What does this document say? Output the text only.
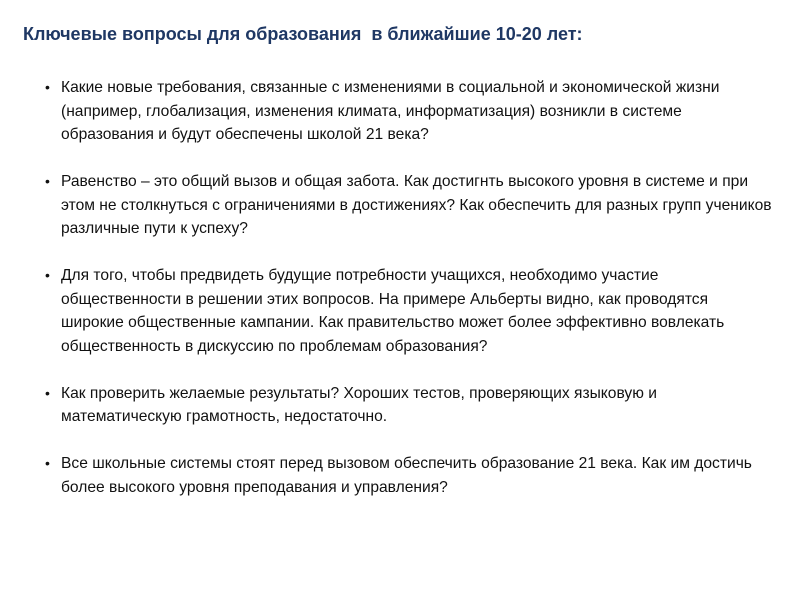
Ключевые вопросы для образования  в ближайшие 10-20 лет:
• Какие новые требования, связанные с изменениями в социальной и экономической жизни (например, глобализация, изменения климата, информатизация) возникли в системе образования и будут обеспечены школой 21 века?
• Равенство – это общий вызов и общая забота. Как достигнть высокого уровня в системе и при этом не столкнуться с ограничениями в достижениях? Как обеспечить для разных групп учеников различные пути к успеху?
• Для того, чтобы предвидеть будущие потребности учащихся, необходимо участие общественности в решении этих вопросов. На примере Альберты видно, как проводятся широкие общественные кампании. Как правительство может более эффективно вовлекать общественность в дискуссию по проблемам образования?
• Как проверить желаемые результаты? Хороших тестов, проверяющих языковую и математическую грамотность, недостаточно.
• Все школьные системы стоят перед вызовом обеспечить образование 21 века. Как им достичь более высокого уровня преподавания и управления?
